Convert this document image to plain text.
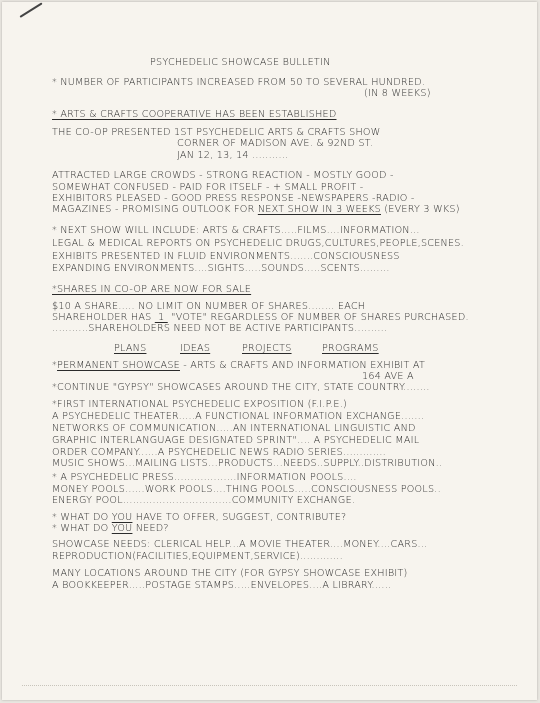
PSYCHEDELIC SHOWCASE BULLETIN
* NUMBER OF PARTICIPANTS INCREASED FROM 50 TO SEVERAL HUNDRED.
(IN 8 WEEKS)
* ARTS & CRAFTS COOPERATIVE HAS BEEN ESTABLISHED
THE CO-OP PRESENTED 1ST PSYCHEDELIC ARTS & CRAFTS SHOW
CORNER OF MADISON AVE. & 92ND ST.
JAN 12, 13, 14 ...........
ATTRACTED LARGE CROWDS - STRONG REACTION - MOSTLY GOOD -
SOMEWHAT CONFUSED - PAID FOR ITSELF - + SMALL PROFIT -
EXHIBITORS PLEASED - GOOD PRESS RESPONSE -NEWSPAPERS -RADIO -
MAGAZINES - PROMISING OUTLOOK FOR NEXT SHOW IN 3 WEEKS (EVERY 3 WKS)
* NEXT SHOW WILL INCLUDE: ARTS & CRAFTS.....FILMS....INFORMATION...
LEGAL & MEDICAL REPORTS ON PSYCHEDELIC DRUGS,CULTURES,PEOPLE,SCENES.
EXHIBITS PRESENTED IN FLUID ENVIRONMENTS.......CONSCIOUSNESS
EXPANDING ENVIRONMENTS....SIGHTS.....SOUNDS.....SCENTS.........
*SHARES IN CO-OP ARE NOW FOR SALE
$10 A SHARE..... NO LIMIT ON NUMBER OF SHARES........ EACH
SHAREHOLDER HAS  1  "VOTE" REGARDLESS OF NUMBER OF SHARES PURCHASED.
...........SHAREHOLDERS NEED NOT BE ACTIVE PARTICIPANTS..........
PLANS	IDEAS	PROJECTS	PROGRAMS
*PERMANENT SHOWCASE - ARTS & CRAFTS AND INFORMATION EXHIBIT AT
164 AVE A
*CONTINUE "GYPSY" SHOWCASES AROUND THE CITY, STATE COUNTRY........
*FIRST INTERNATIONAL PSYCHEDELIC EXPOSITION (F.I.P.E.)
A PSYCHEDELIC THEATER.....A FUNCTIONAL INFORMATION EXCHANGE.......
NETWORKS OF COMMUNICATION.....AN INTERNATIONAL LINGUISTIC AND
GRAPHIC INTERLANGUAGE DESIGNATED SPRINT".... A PSYCHEDELIC MAIL
ORDER COMPANY......A PSYCHEDELIC NEWS RADIO SERIES.............
MUSIC SHOWS...MAILING LISTS...PRODUCTS...NEEDS..SUPPLY..DISTRIBUTION..
* A PSYCHEDELIC PRESS...................INFORMATION POOLS....
MONEY POOLS......WORK POOLS....THING POOLS.....CONSCIOUSNESS POOLS..
ENERGY POOL.................................COMMUNITY EXCHANGE.
* WHAT DO YOU HAVE TO OFFER, SUGGEST, CONTRIBUTE?
* WHAT DO YOU NEED?
SHOWCASE NEEDS: CLERICAL HELP...A MOVIE THEATER....MONEY....CARS...
REPRODUCTION(FACILITIES,EQUIPMENT,SERVICE).............
MANY LOCATIONS AROUND THE CITY (FOR GYPSY SHOWCASE EXHIBIT)
A BOOKKEEPER.....POSTAGE STAMPS.....ENVELOPES....A LIBRARY......
